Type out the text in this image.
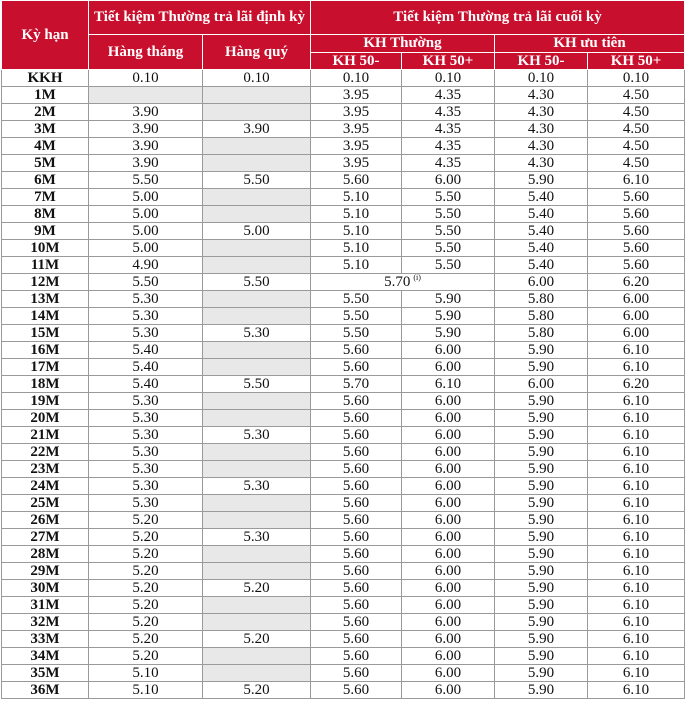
Kỳ hạn	Tiết kiệm Thường trả lãi định kỳ		Tiết kiệm Thường trả lãi cuối kỳ			
	Hàng tháng	Hàng quý	KH Thường		KH ưu tiên	
			KH 50-	KH 50+	KH 50-	KH 50+
KKH	0.10	0.10	0.10	0.10	0.10	0.10
1M			3.95	4.35	4.30	4.50
2M	3.90		3.95	4.35	4.30	4.50
3M	3.90	3.90	3.95	4.35	4.30	4.50
4M	3.90		3.95	4.35	4.30	4.50
5M	3.90		3.95	4.35	4.30	4.50
6M	5.50	5.50	5.60	6.00	5.90	6.10
7M	5.00		5.10	5.50	5.40	5.60
8M	5.00		5.10	5.50	5.40	5.60
9M	5.00	5.00	5.10	5.50	5.40	5.60
10M	5.00		5.10	5.50	5.40	5.60
11M	4.90		5.10	5.50	5.40	5.60
12M	5.50	5.50	5.70 $^{(i)}$		6.00	6.20
13M	5.30		5.50	5.90	5.80	6.00
14M	5.30		5.50	5.90	5.80	6.00
15M	5.30	5.30	5.50	5.90	5.80	6.00
16M	5.40		5.60	6.00	5.90	6.10
17M	5.40		5.60	6.00	5.90	6.10
18M	5.40	5.50	5.70	6.10	6.00	6.20
19M	5.30		5.60	6.00	5.90	6.10
20M	5.30		5.60	6.00	5.90	6.10
21M	5.30	5.30	5.60	6.00	5.90	6.10
22M	5.30		5.60	6.00	5.90	6.10
23M	5.30		5.60	6.00	5.90	6.10
24M	5.30	5.30	5.60	6.00	5.90	6.10
25M	5.30		5.60	6.00	5.90	6.10
26M	5.20		5.60	6.00	5.90	6.10
27M	5.20	5.30	5.60	6.00	5.90	6.10
28M	5.20		5.60	6.00	5.90	6.10
29M	5.20		5.60	6.00	5.90	6.10
30M	5.20	5.20	5.60	6.00	5.90	6.10
31M	5.20		5.60	6.00	5.90	6.10
32M	5.20		5.60	6.00	5.90	6.10
33M	5.20	5.20	5.60	6.00	5.90	6.10
34M	5.20		5.60	6.00	5.90	6.10
35M	5.10		5.60	6.00	5.90	6.10
36M	5.10	5.20	5.60	6.00	5.90	6.10
